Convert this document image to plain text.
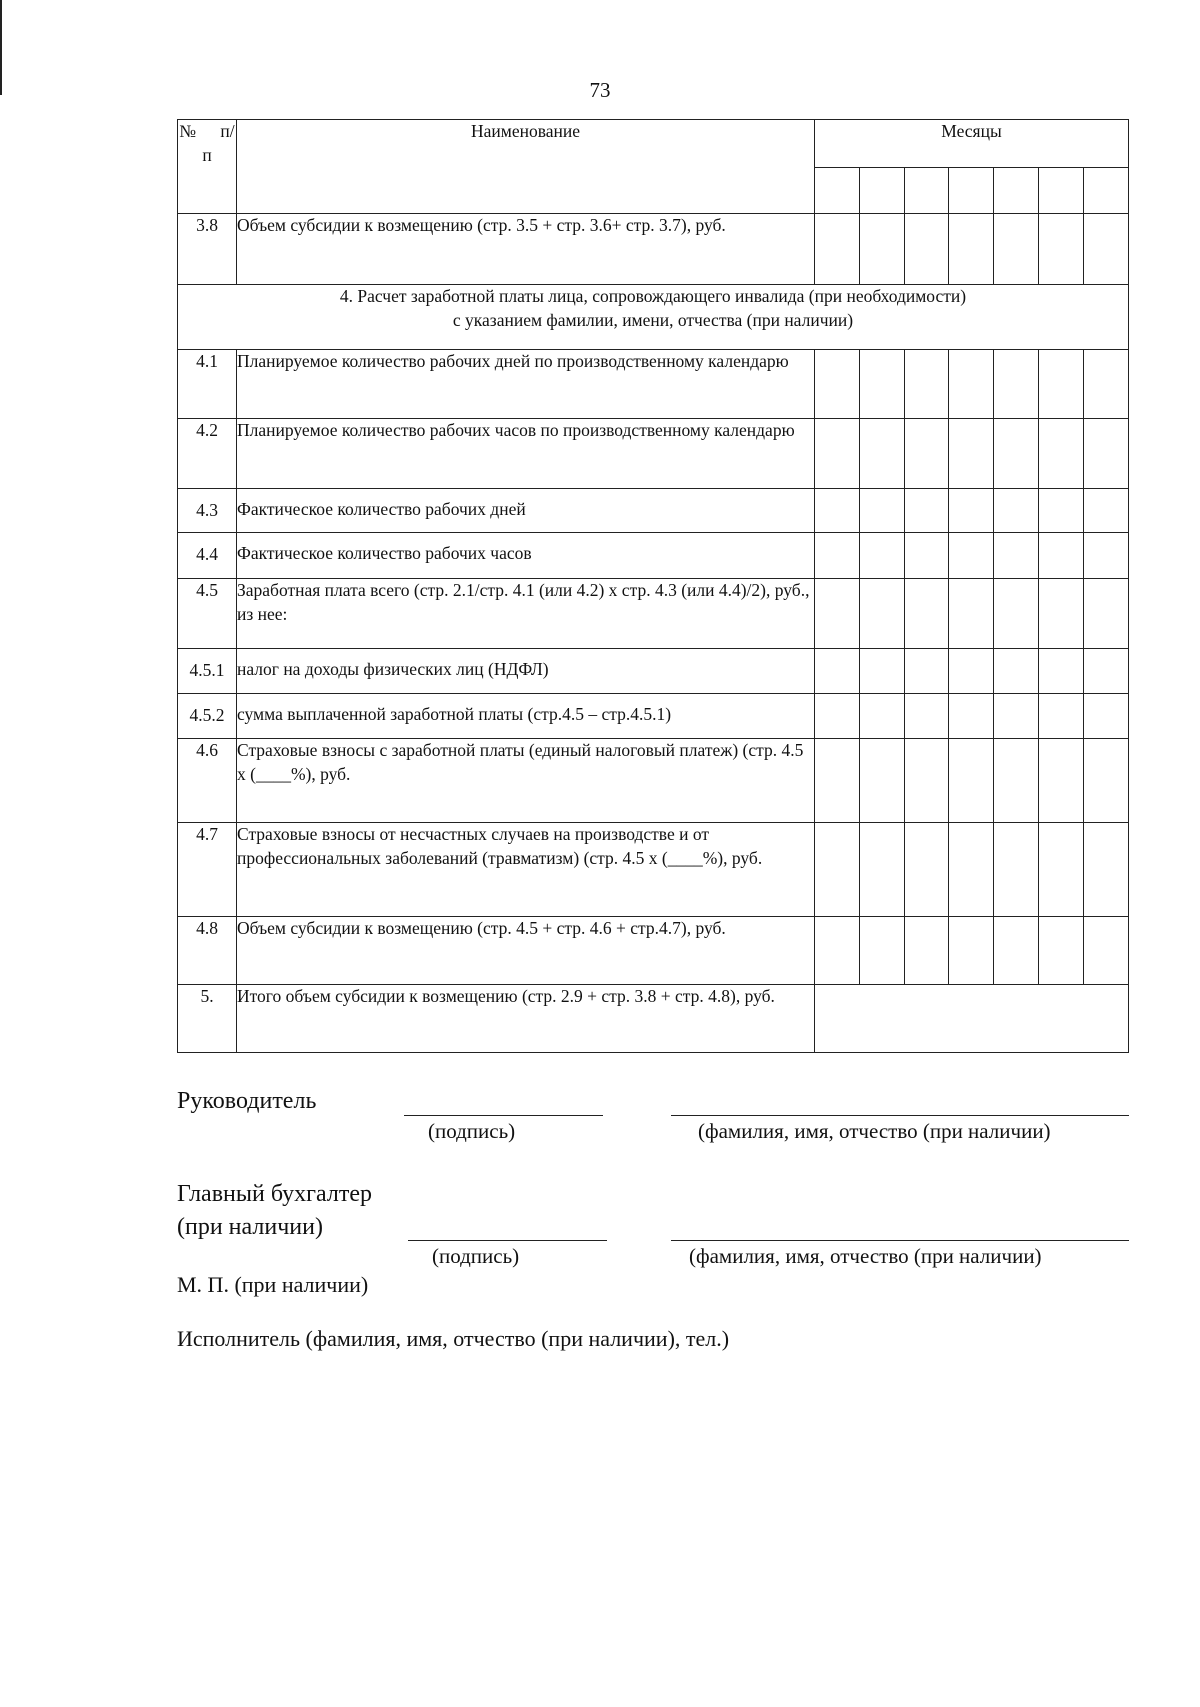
73
№ п/п	Наименование	Месяцы						

3.8	Объем субсидии к возмещению (стр. 3.5 + стр. 3.6+ стр. 3.7), руб.							

4. Расчет заработной платы лица, сопровождающего инвалида (при необходимости)
с указанием фамилии, имени, отчества (при наличии)								

4.1	Планируемое количество рабочих дней по производственному календарю							
4.2	Планируемое количество рабочих часов по производственному календарю							
4.3	Фактическое количество рабочих дней							
4.4	Фактическое количество рабочих часов							
4.5	Заработная плата всего (стр. 2.1/стр. 4.1 (или 4.2) х стр. 4.3 (или 4.4)/2), руб., из нее:							
4.5.1	налог на доходы физических лиц (НДФЛ)							
4.5.2	сумма выплаченной заработной платы (стр.4.5 – стр.4.5.1)							
4.6	Страховые взносы с заработной платы (единый налоговый платеж) (стр. 4.5 х (____%), руб.							
4.7	Страховые взносы от несчастных случаев на производстве и от профессиональных заболеваний (травматизм) (стр. 4.5 х (____%), руб.							
4.8	Объем субсидии к возмещению (стр. 4.5 + стр. 4.6 + стр.4.7), руб.							
5.	Итого объем субсидии к возмещению (стр. 2.9 + стр. 3.8 + стр. 4.8), руб.							
Руководитель
(подпись)	(фамилия, имя, отчество (при наличии)
Главный бухгалтер
(при наличии)
(подпись)	(фамилия, имя, отчество (при наличии)
М. П. (при наличии)
Исполнитель (фамилия, имя, отчество (при наличии), тел.)
